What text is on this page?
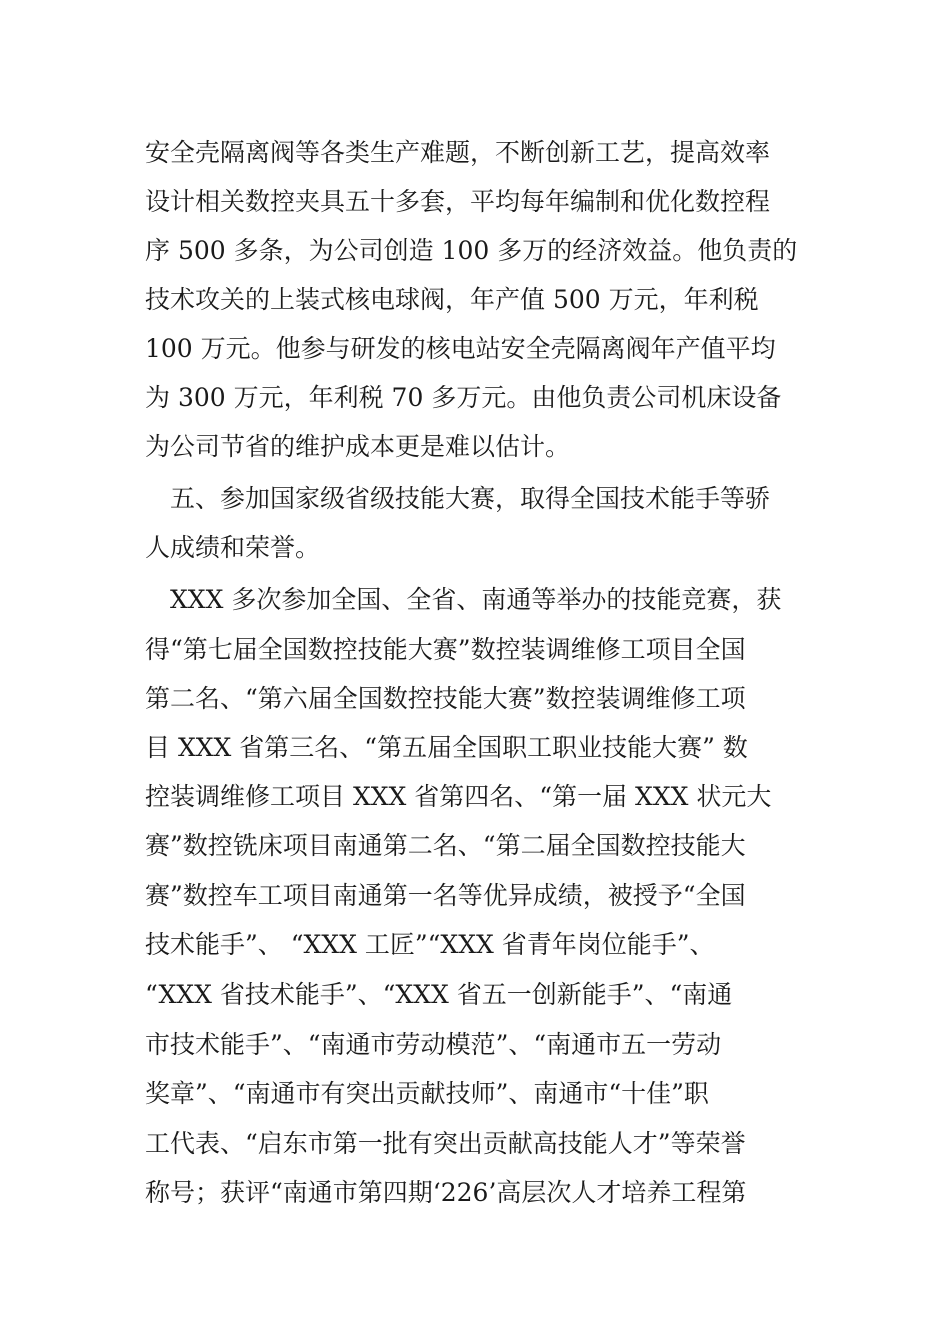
安全壳隔离阀等各类生产难题，不断创新工艺，提高效率
设计相关数控夹具五十多套，平均每年编制和优化数控程
序 500 多条，为公司创造 100 多万的经济效益。他负责的
技术攻关的上装式核电球阀，年产值 500 万元，年利税
100 万元。他参与研发的核电站安全壳隔离阀年产值平均
为 300 万元，年利税 70 多万元。由他负责公司机床设备
为公司节省的维护成本更是难以估计。
　五、参加国家级省级技能大赛，取得全国技术能手等骄
人成绩和荣誉。
　XXX 多次参加全国、全省、南通等举办的技能竞赛，获
得“第七届全国数控技能大赛”数控装调维修工项目全国
第二名、“第六届全国数控技能大赛”数控装调维修工项
目 XXX 省第三名、“第五届全国职工职业技能大赛” 数
控装调维修工项目 XXX 省第四名、“第一届 XXX 状元大
赛”数控铣床项目南通第二名、“第二届全国数控技能大
赛”数控车工项目南通第一名等优异成绩，被授予“全国
技术能手”、 “XXX 工匠”“XXX 省青年岗位能手”、
“XXX 省技术能手”、“XXX 省五一创新能手”、“南通
市技术能手”、“南通市劳动模范”、“南通市五一劳动
奖章”、“南通市有突出贡献技师”、南通市“十佳”职
工代表、“启东市第一批有突出贡献高技能人才”等荣誉
称号；获评“南通市第四期‘226’高层次人才培养工程第
